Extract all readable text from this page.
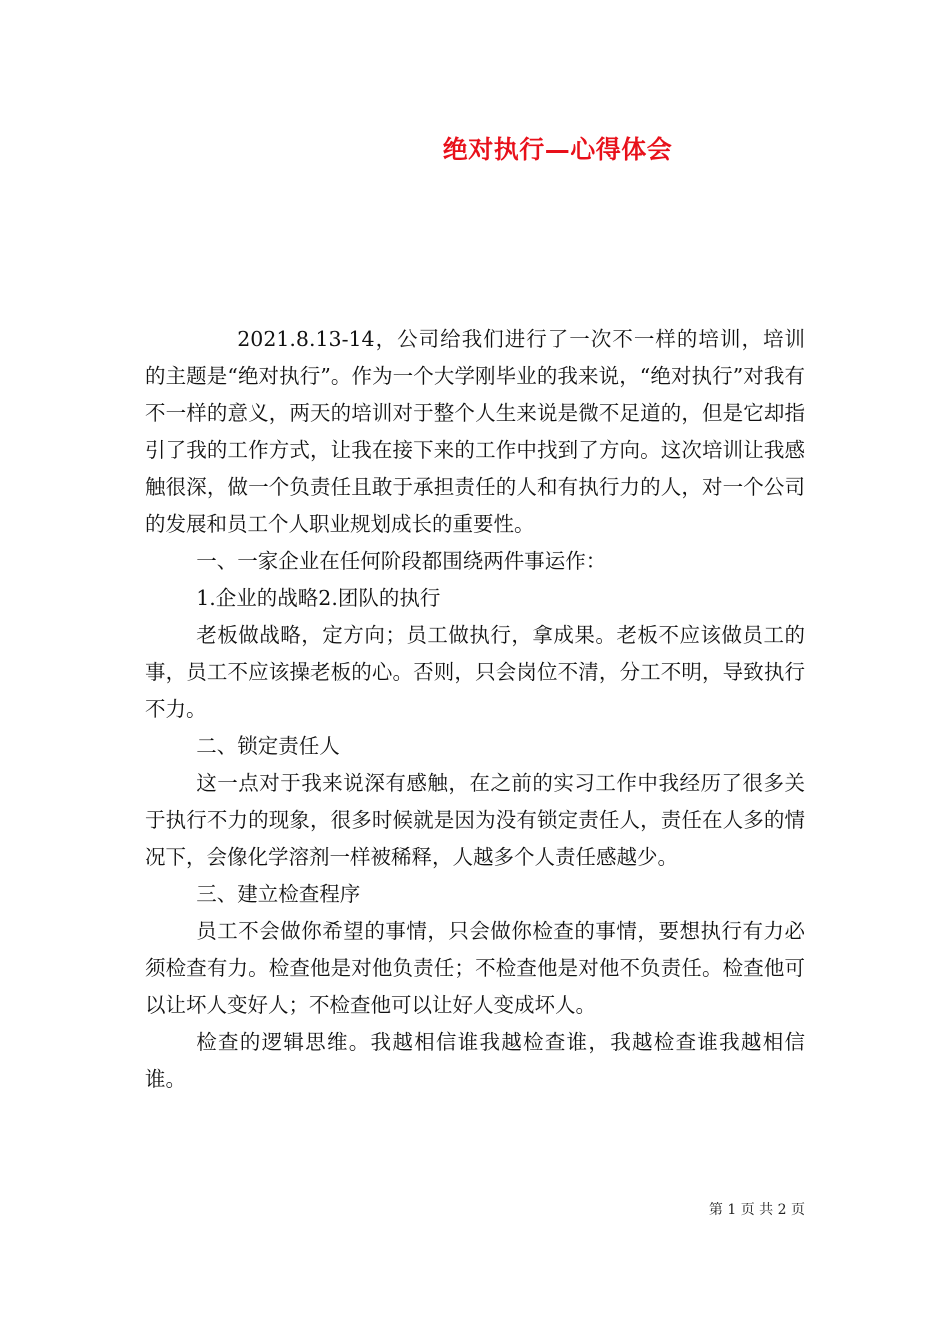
绝对执行—心得体会

2021.8.13-14，公司给我们进行了一次不一样的培训，培训的主题是“绝对执行”。作为一个大学刚毕业的我来说，“绝对执行”对我有不一样的意义，两天的培训对于整个人生来说是微不足道的，但是它却指引了我的工作方式，让我在接下来的工作中找到了方向。这次培训让我感触很深，做一个负责任且敢于承担责任的人和有执行力的人，对一个公司的发展和员工个人职业规划成长的重要性。

一、一家企业在任何阶段都围绕两件事运作：

1.企业的战略2.团队的执行

老板做战略，定方向；员工做执行，拿成果。老板不应该做员工的事，员工不应该操老板的心。否则，只会岗位不清，分工不明，导致执行不力。

二、锁定责任人

这一点对于我来说深有感触，在之前的实习工作中我经历了很多关于执行不力的现象，很多时候就是因为没有锁定责任人，责任在人多的情况下，会像化学溶剂一样被稀释，人越多个人责任感越少。

三、建立检查程序

员工不会做你希望的事情，只会做你检查的事情，要想执行有力必须检查有力。检查他是对他负责任；不检查他是对他不负责任。检查他可以让坏人变好人；不检查他可以让好人变成坏人。

检查的逻辑思维。我越相信谁我越检查谁，我越检查谁我越相信谁。

第 1 页 共 2 页
